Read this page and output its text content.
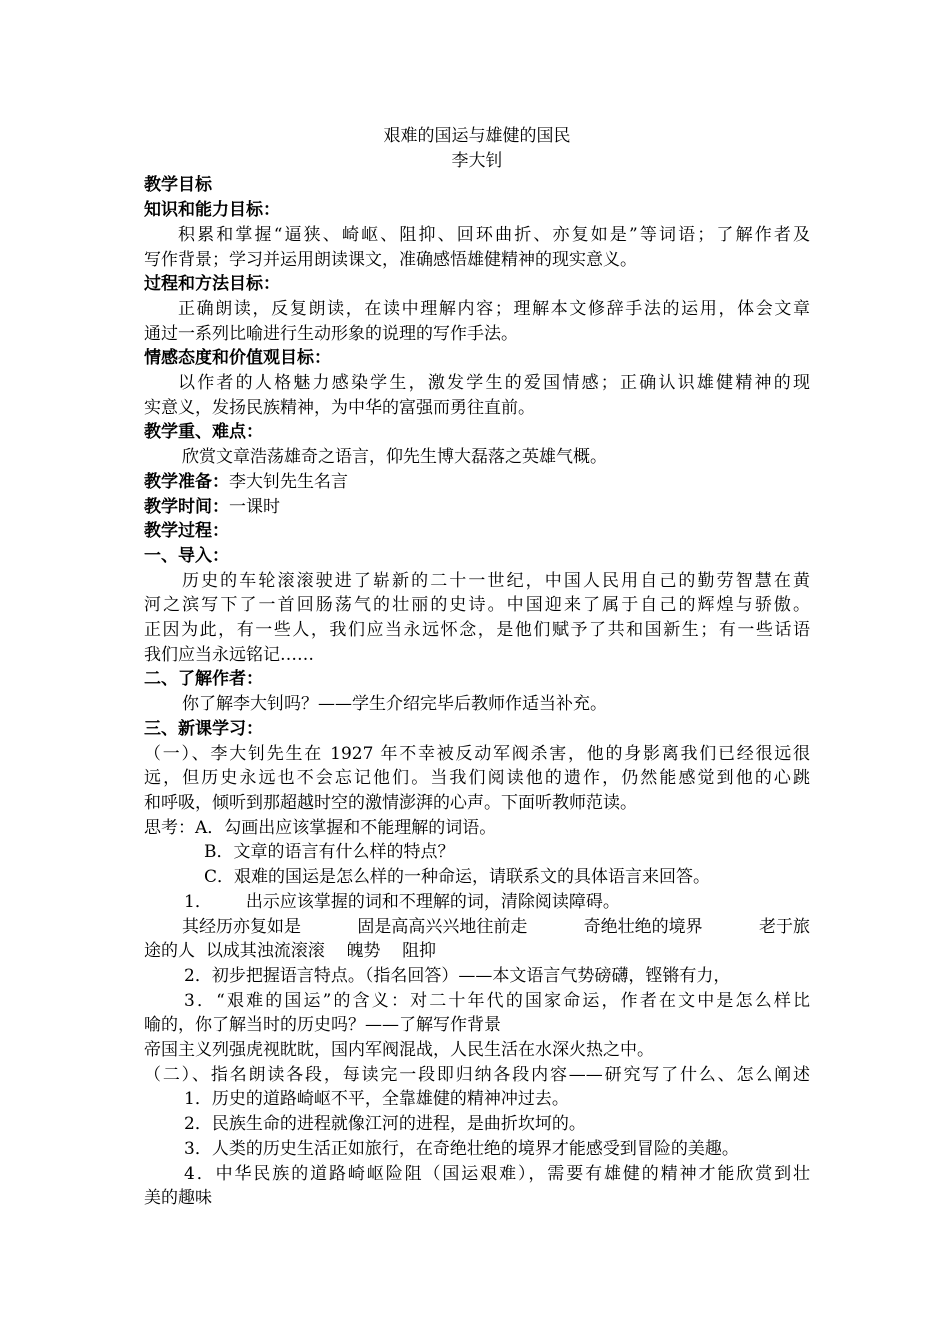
艰难的国运与雄健的国民
李大钊
教学目标
知识和能力目标：
积累和掌握“逼狭、崎岖、阻抑、回环曲折、亦复如是”等词语；了解作者及
写作背景；学习并运用朗读课文，准确感悟雄健精神的现实意义。
过程和方法目标：
正确朗读，反复朗读，在读中理解内容；理解本文修辞手法的运用，体会文章
通过一系列比喻进行生动形象的说理的写作手法。
情感态度和价值观目标：
以作者的人格魅力感染学生，激发学生的爱国情感；正确认识雄健精神的现
实意义，发扬民族精神，为中华的富强而勇往直前。
教学重、难点：
欣赏文章浩荡雄奇之语言，仰先生博大磊落之英雄气概。
教学准备：李大钊先生名言
教学时间：一课时
教学过程：
一、导入：
历史的车轮滚滚驶进了崭新的二十一世纪，中国人民用自己的勤劳智慧在黄
河之滨写下了一首回肠荡气的壮丽的史诗。中国迎来了属于自己的辉煌与骄傲。
正因为此，有一些人，我们应当永远怀念，是他们赋予了共和国新生；有一些话语
我们应当永远铭记……
二、了解作者：
你了解李大钊吗？——学生介绍完毕后教师作适当补充。
三、新课学习：
（一）、李大钊先生在 1927 年不幸被反动军阀杀害，他的身影离我们已经很远很
远，但历史永远也不会忘记他们。当我们阅读他的遗作，仍然能感觉到他的心跳
和呼吸，倾听到那超越时空的激情澎湃的心声。下面听教师范读。
思考：A．勾画出应该掌握和不能理解的词语。
B．文章的语言有什么样的特点？
C．艰难的国运是怎么样的一种命运，请联系文的具体语言来回答。
1． 出示应该掌握的词和不理解的词，清除阅读障碍。
其经历亦复如是	固是高高兴兴地往前走	奇绝壮绝的境界	老于旅
途的人 以成其浊流滚滚 魄势 阻抑
2．初步把握语言特点。（指名回答）——本文语言气势磅礴，铿锵有力，
3．“艰难的国运”的含义：对二十年代的国家命运，作者在文中是怎么样比
喻的，你了解当时的历史吗？——了解写作背景
帝国主义列强虎视眈眈，国内军阀混战，人民生活在水深火热之中。
（二）、指名朗读各段，每读完一段即归纳各段内容——研究写了什么、怎么阐述
1．历史的道路崎岖不平，全靠雄健的精神冲过去。
2．民族生命的进程就像江河的进程，是曲折坎坷的。
3．人类的历史生活正如旅行，在奇绝壮绝的境界才能感受到冒险的美趣。
4．中华民族的道路崎岖险阻（国运艰难），需要有雄健的精神才能欣赏到壮
美的趣味
